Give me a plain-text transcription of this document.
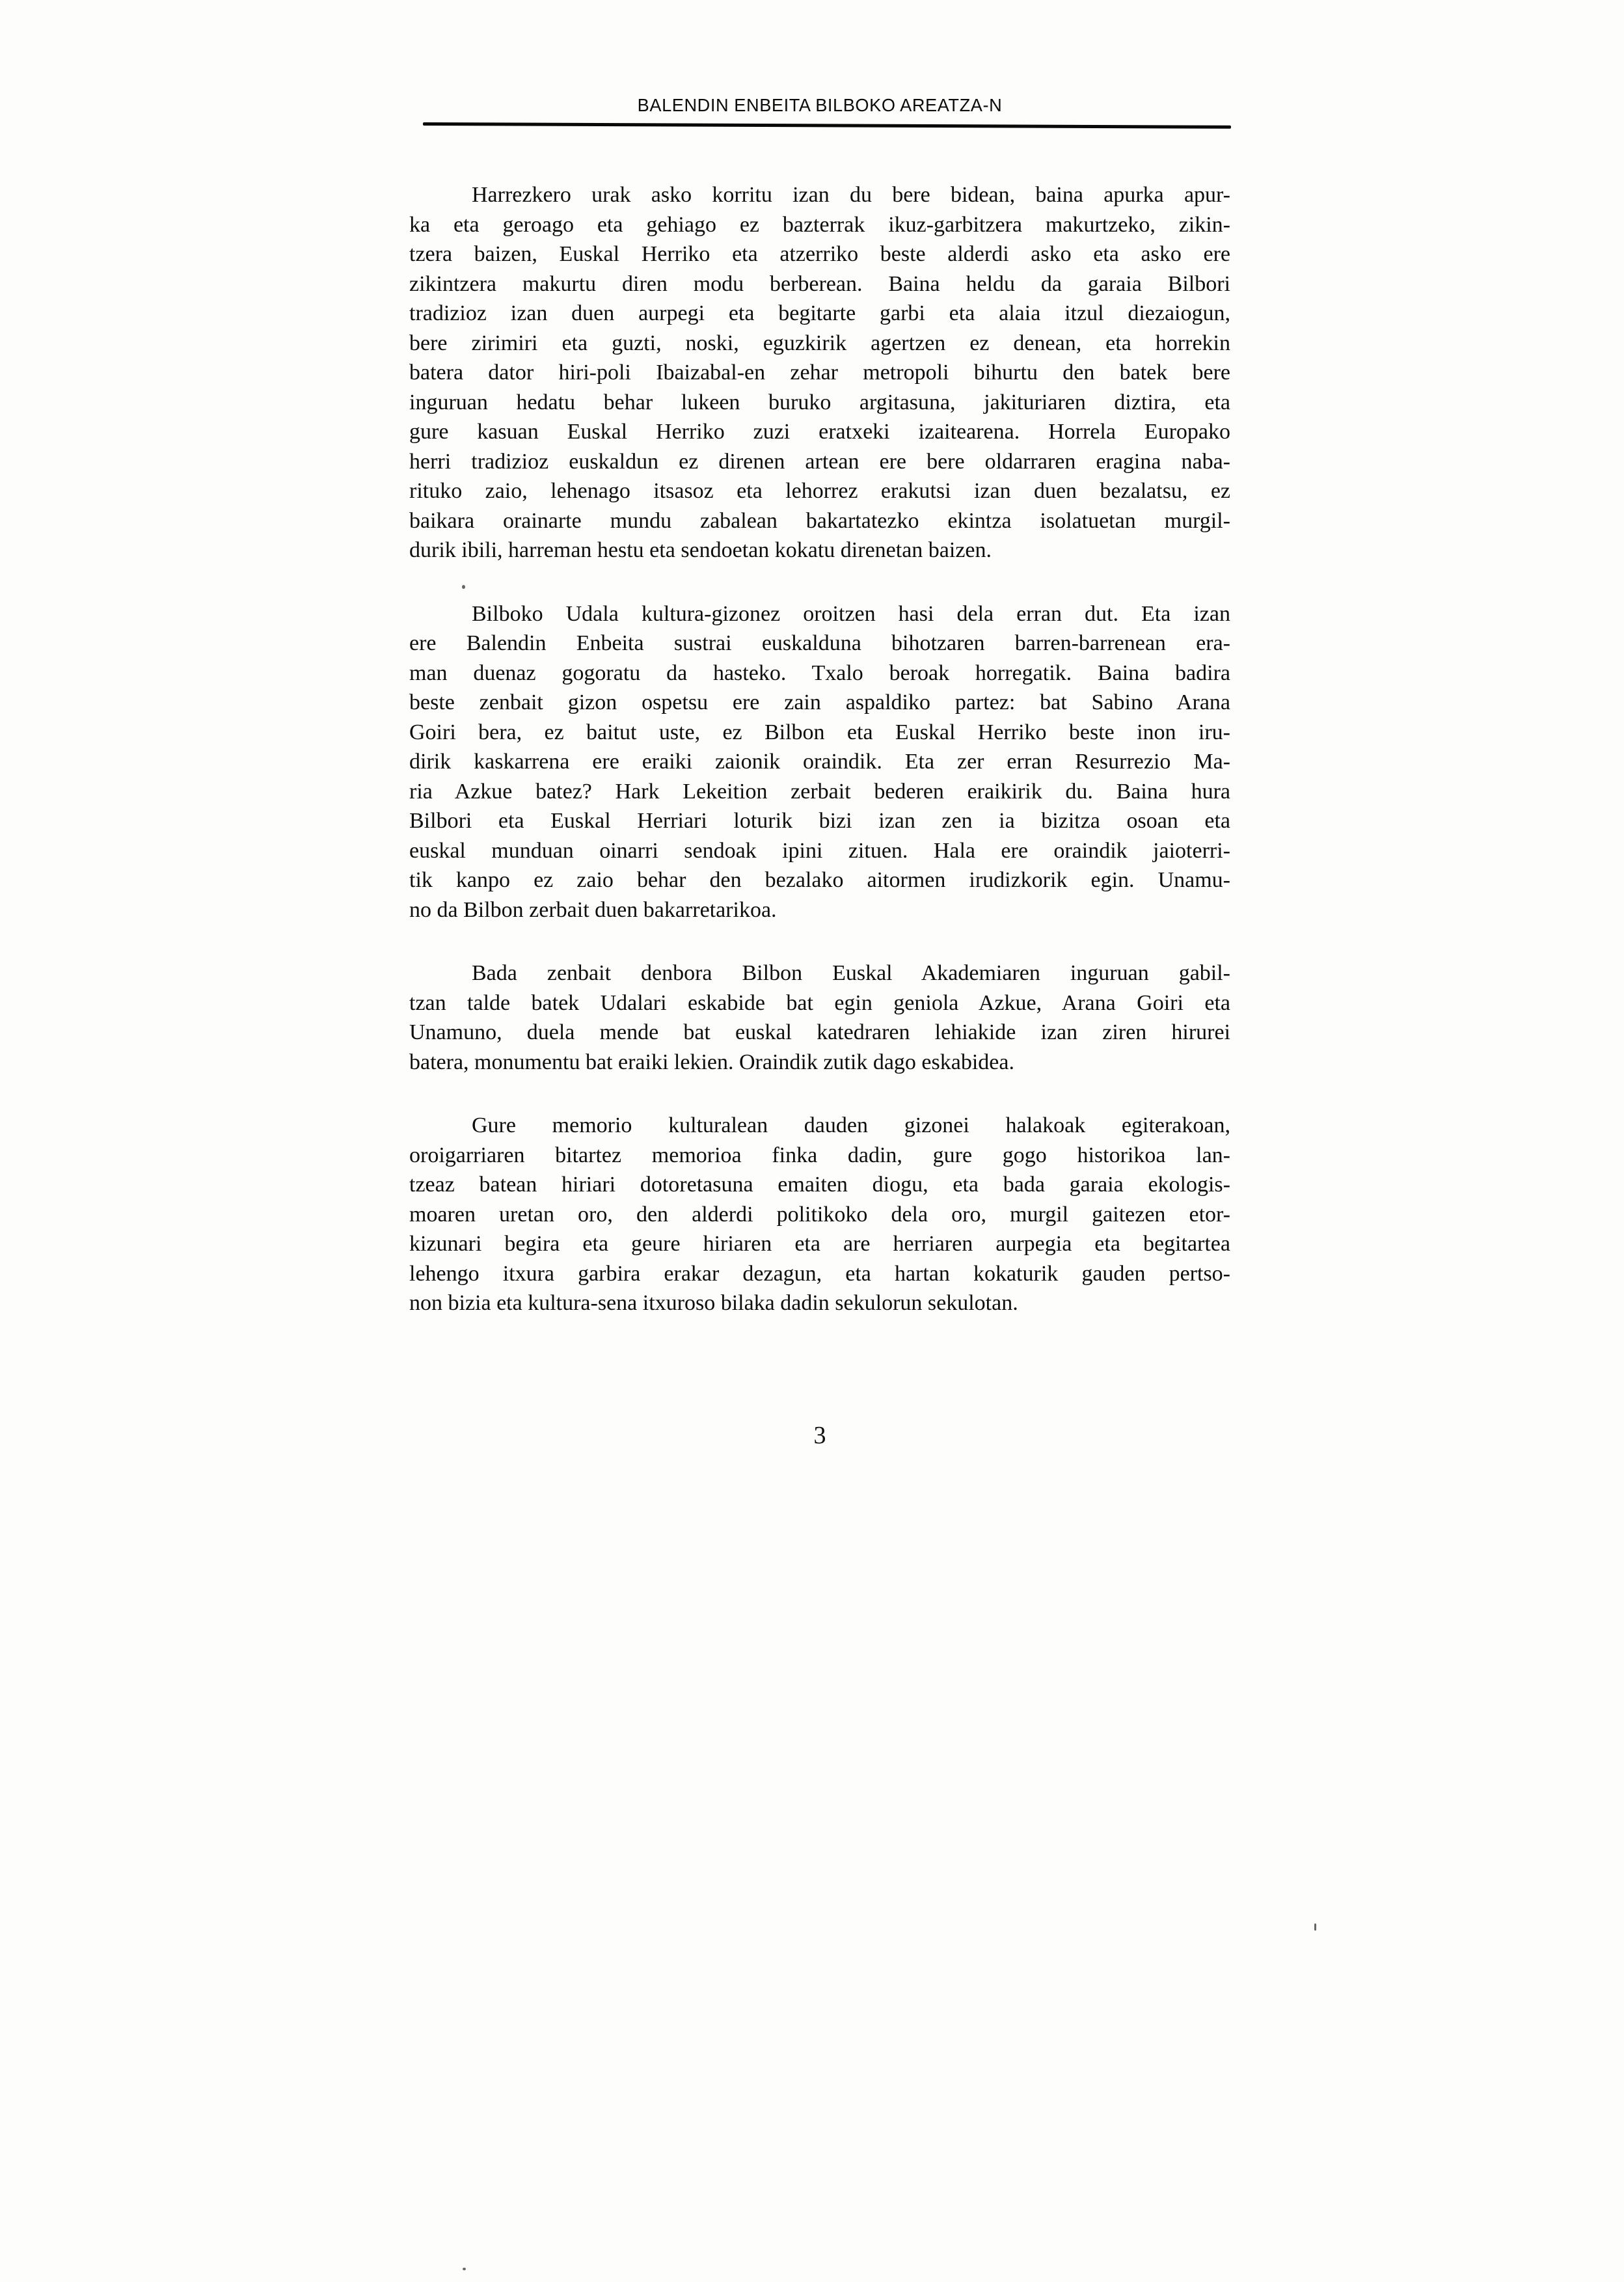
BALENDIN ENBEITA BILBOKO AREATZA-N
Harrezkero urak asko korritu izan du bere bidean, baina apurka apur-
ka eta geroago eta gehiago ez bazterrak ikuz-garbitzera makurtzeko, zikin-
tzera baizen, Euskal Herriko eta atzerriko beste alderdi asko eta asko ere
zikintzera makurtu diren modu berberean. Baina heldu da garaia Bilbori
tradizioz izan duen aurpegi eta begitarte garbi eta alaia itzul diezaiogun,
bere zirimiri eta guzti, noski, eguzkirik agertzen ez denean, eta horrekin
batera dator hiri-poli Ibaizabal-en zehar metropoli bihurtu den batek bere
inguruan hedatu behar lukeen buruko argitasuna, jakituriaren diztira, eta
gure kasuan Euskal Herriko zuzi eratxeki izaitearena. Horrela Europako
herri tradizioz euskaldun ez direnen artean ere bere oldarraren eragina naba-
rituko zaio, lehenago itsasoz eta lehorrez erakutsi izan duen bezalatsu, ez
baikara orainarte mundu zabalean bakartatezko ekintza isolatuetan murgil-
durik ibili, harreman hestu eta sendoetan kokatu direnetan baizen.
Bilboko Udala kultura-gizonez oroitzen hasi dela erran dut. Eta izan
ere Balendin Enbeita sustrai euskalduna bihotzaren barren-barrenean era-
man duenaz gogoratu da hasteko. Txalo beroak horregatik. Baina badira
beste zenbait gizon ospetsu ere zain aspaldiko partez: bat Sabino Arana
Goiri bera, ez baitut uste, ez Bilbon eta Euskal Herriko beste inon iru-
dirik kaskarrena ere eraiki zaionik oraindik. Eta zer erran Resurrezio Ma-
ria Azkue batez? Hark Lekeition zerbait bederen eraikirik du. Baina hura
Bilbori eta Euskal Herriari loturik bizi izan zen ia bizitza osoan eta
euskal munduan oinarri sendoak ipini zituen. Hala ere oraindik jaioterri-
tik kanpo ez zaio behar den bezalako aitormen irudizkorik egin. Unamu-
no da Bilbon zerbait duen bakarretarikoa.
Bada zenbait denbora Bilbon Euskal Akademiaren inguruan gabil-
tzan talde batek Udalari eskabide bat egin geniola Azkue, Arana Goiri eta
Unamuno, duela mende bat euskal katedraren lehiakide izan ziren hirurei
batera, monumentu bat eraiki lekien. Oraindik zutik dago eskabidea.
Gure memorio kulturalean dauden gizonei halakoak egiterakoan,
oroigarriaren bitartez memorioa finka dadin, gure gogo historikoa lan-
tzeaz batean hiriari dotoretasuna emaiten diogu, eta bada garaia ekologis-
moaren uretan oro, den alderdi politikoko dela oro, murgil gaitezen etor-
kizunari begira eta geure hiriaren eta are herriaren aurpegia eta begitartea
lehengo itxura garbira erakar dezagun, eta hartan kokaturik gauden pertso-
non bizia eta kultura-sena itxuroso bilaka dadin sekulorun sekulotan.
3
